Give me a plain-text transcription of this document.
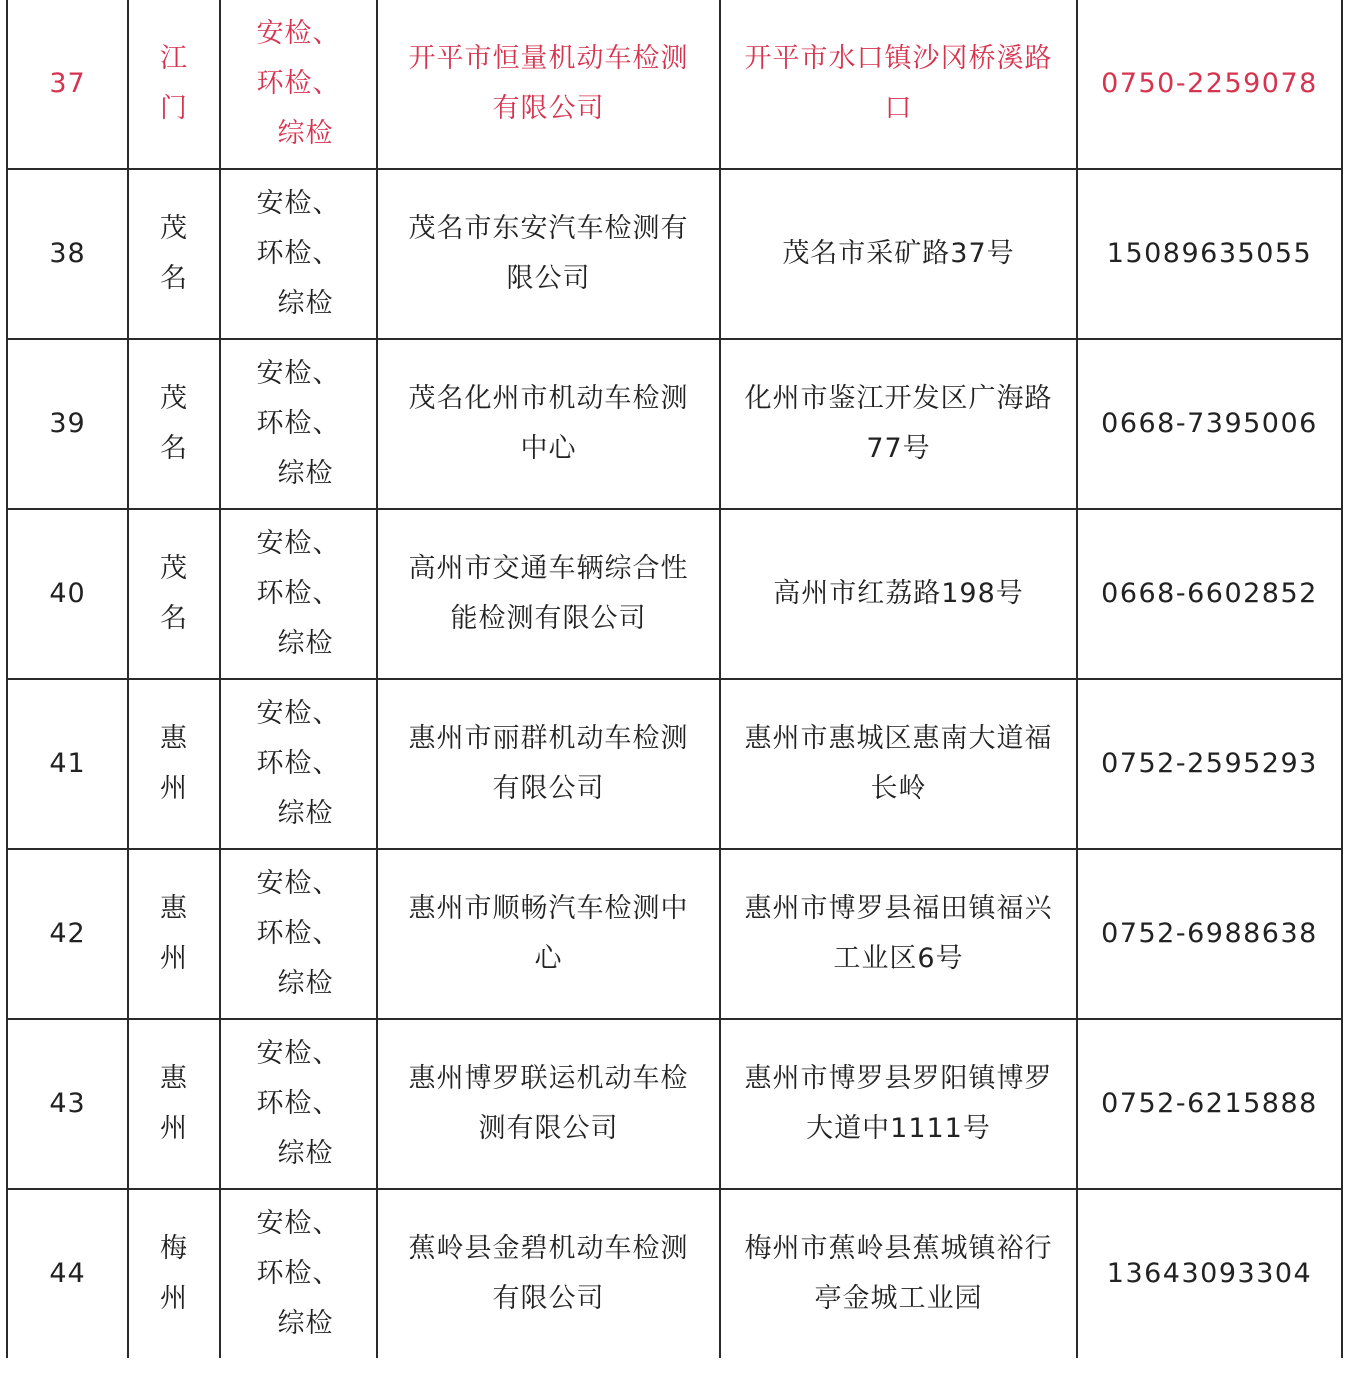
37	江门	安检、
环检、
综检	开平市恒量机动车检测有限公司	开平市水口镇沙冈桥溪路口	0750-2259078
38	茂名	安检、
环检、
综检	茂名市东安汽车检测有限公司	茂名市采矿路37号	15089635055
39	茂名	安检、
环检、
综检	茂名化州市机动车检测中心	化州市鉴江开发区广海路77号	0668-7395006
40	茂名	安检、
环检、
综检	高州市交通车辆综合性能检测有限公司	高州市红荔路198号	0668-6602852
41	惠州	安检、
环检、
综检	惠州市丽群机动车检测有限公司	惠州市惠城区惠南大道福长岭	0752-2595293
42	惠州	安检、
环检、
综检	惠州市顺畅汽车检测中心	惠州市博罗县福田镇福兴工业区6号	0752-6988638
43	惠州	安检、
环检、
综检	惠州博罗联运机动车检测有限公司	惠州市博罗县罗阳镇博罗大道中1111号	0752-6215888
44	梅州	安检、
环检、
综检	蕉岭县金碧机动车检测有限公司	梅州市蕉岭县蕉城镇裕行亭金城工业园	13643093304
